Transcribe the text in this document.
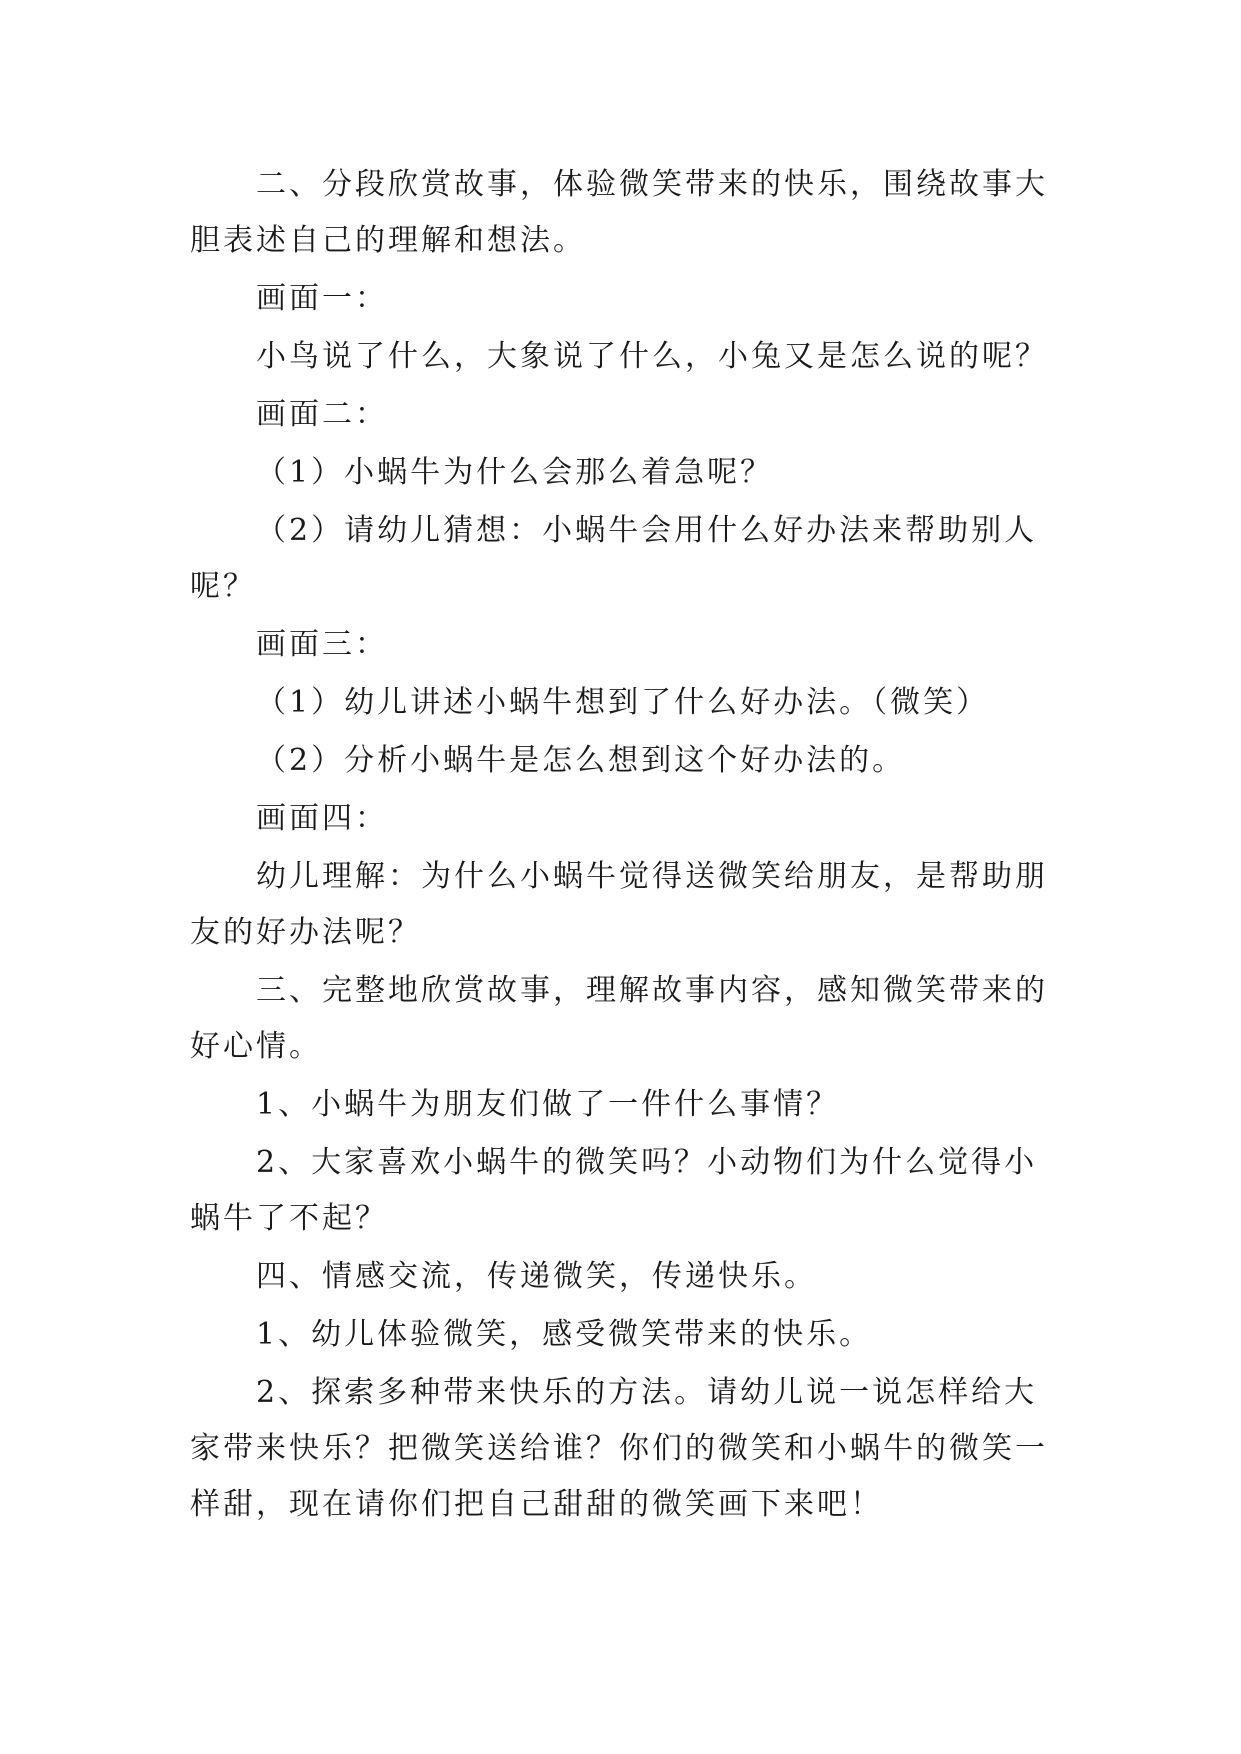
二、分段欣赏故事，体验微笑带来的快乐，围绕故事大胆表述自己的理解和想法。

画面一：

小鸟说了什么，大象说了什么，小兔又是怎么说的呢？

画面二：

（1）小蜗牛为什么会那么着急呢？

（2）请幼儿猜想：小蜗牛会用什么好办法来帮助别人呢？

画面三：

（1）幼儿讲述小蜗牛想到了什么好办法。（微笑）

（2）分析小蜗牛是怎么想到这个好办法的。

画面四：

幼儿理解：为什么小蜗牛觉得送微笑给朋友，是帮助朋友的好办法呢？

三、完整地欣赏故事，理解故事内容，感知微笑带来的好心情。

1、小蜗牛为朋友们做了一件什么事情？

2、大家喜欢小蜗牛的微笑吗？小动物们为什么觉得小蜗牛了不起？

四、情感交流，传递微笑，传递快乐。

1、幼儿体验微笑，感受微笑带来的快乐。

2、探索多种带来快乐的方法。请幼儿说一说怎样给大家带来快乐？把微笑送给谁？你们的微笑和小蜗牛的微笑一样甜，现在请你们把自己甜甜的微笑画下来吧！
